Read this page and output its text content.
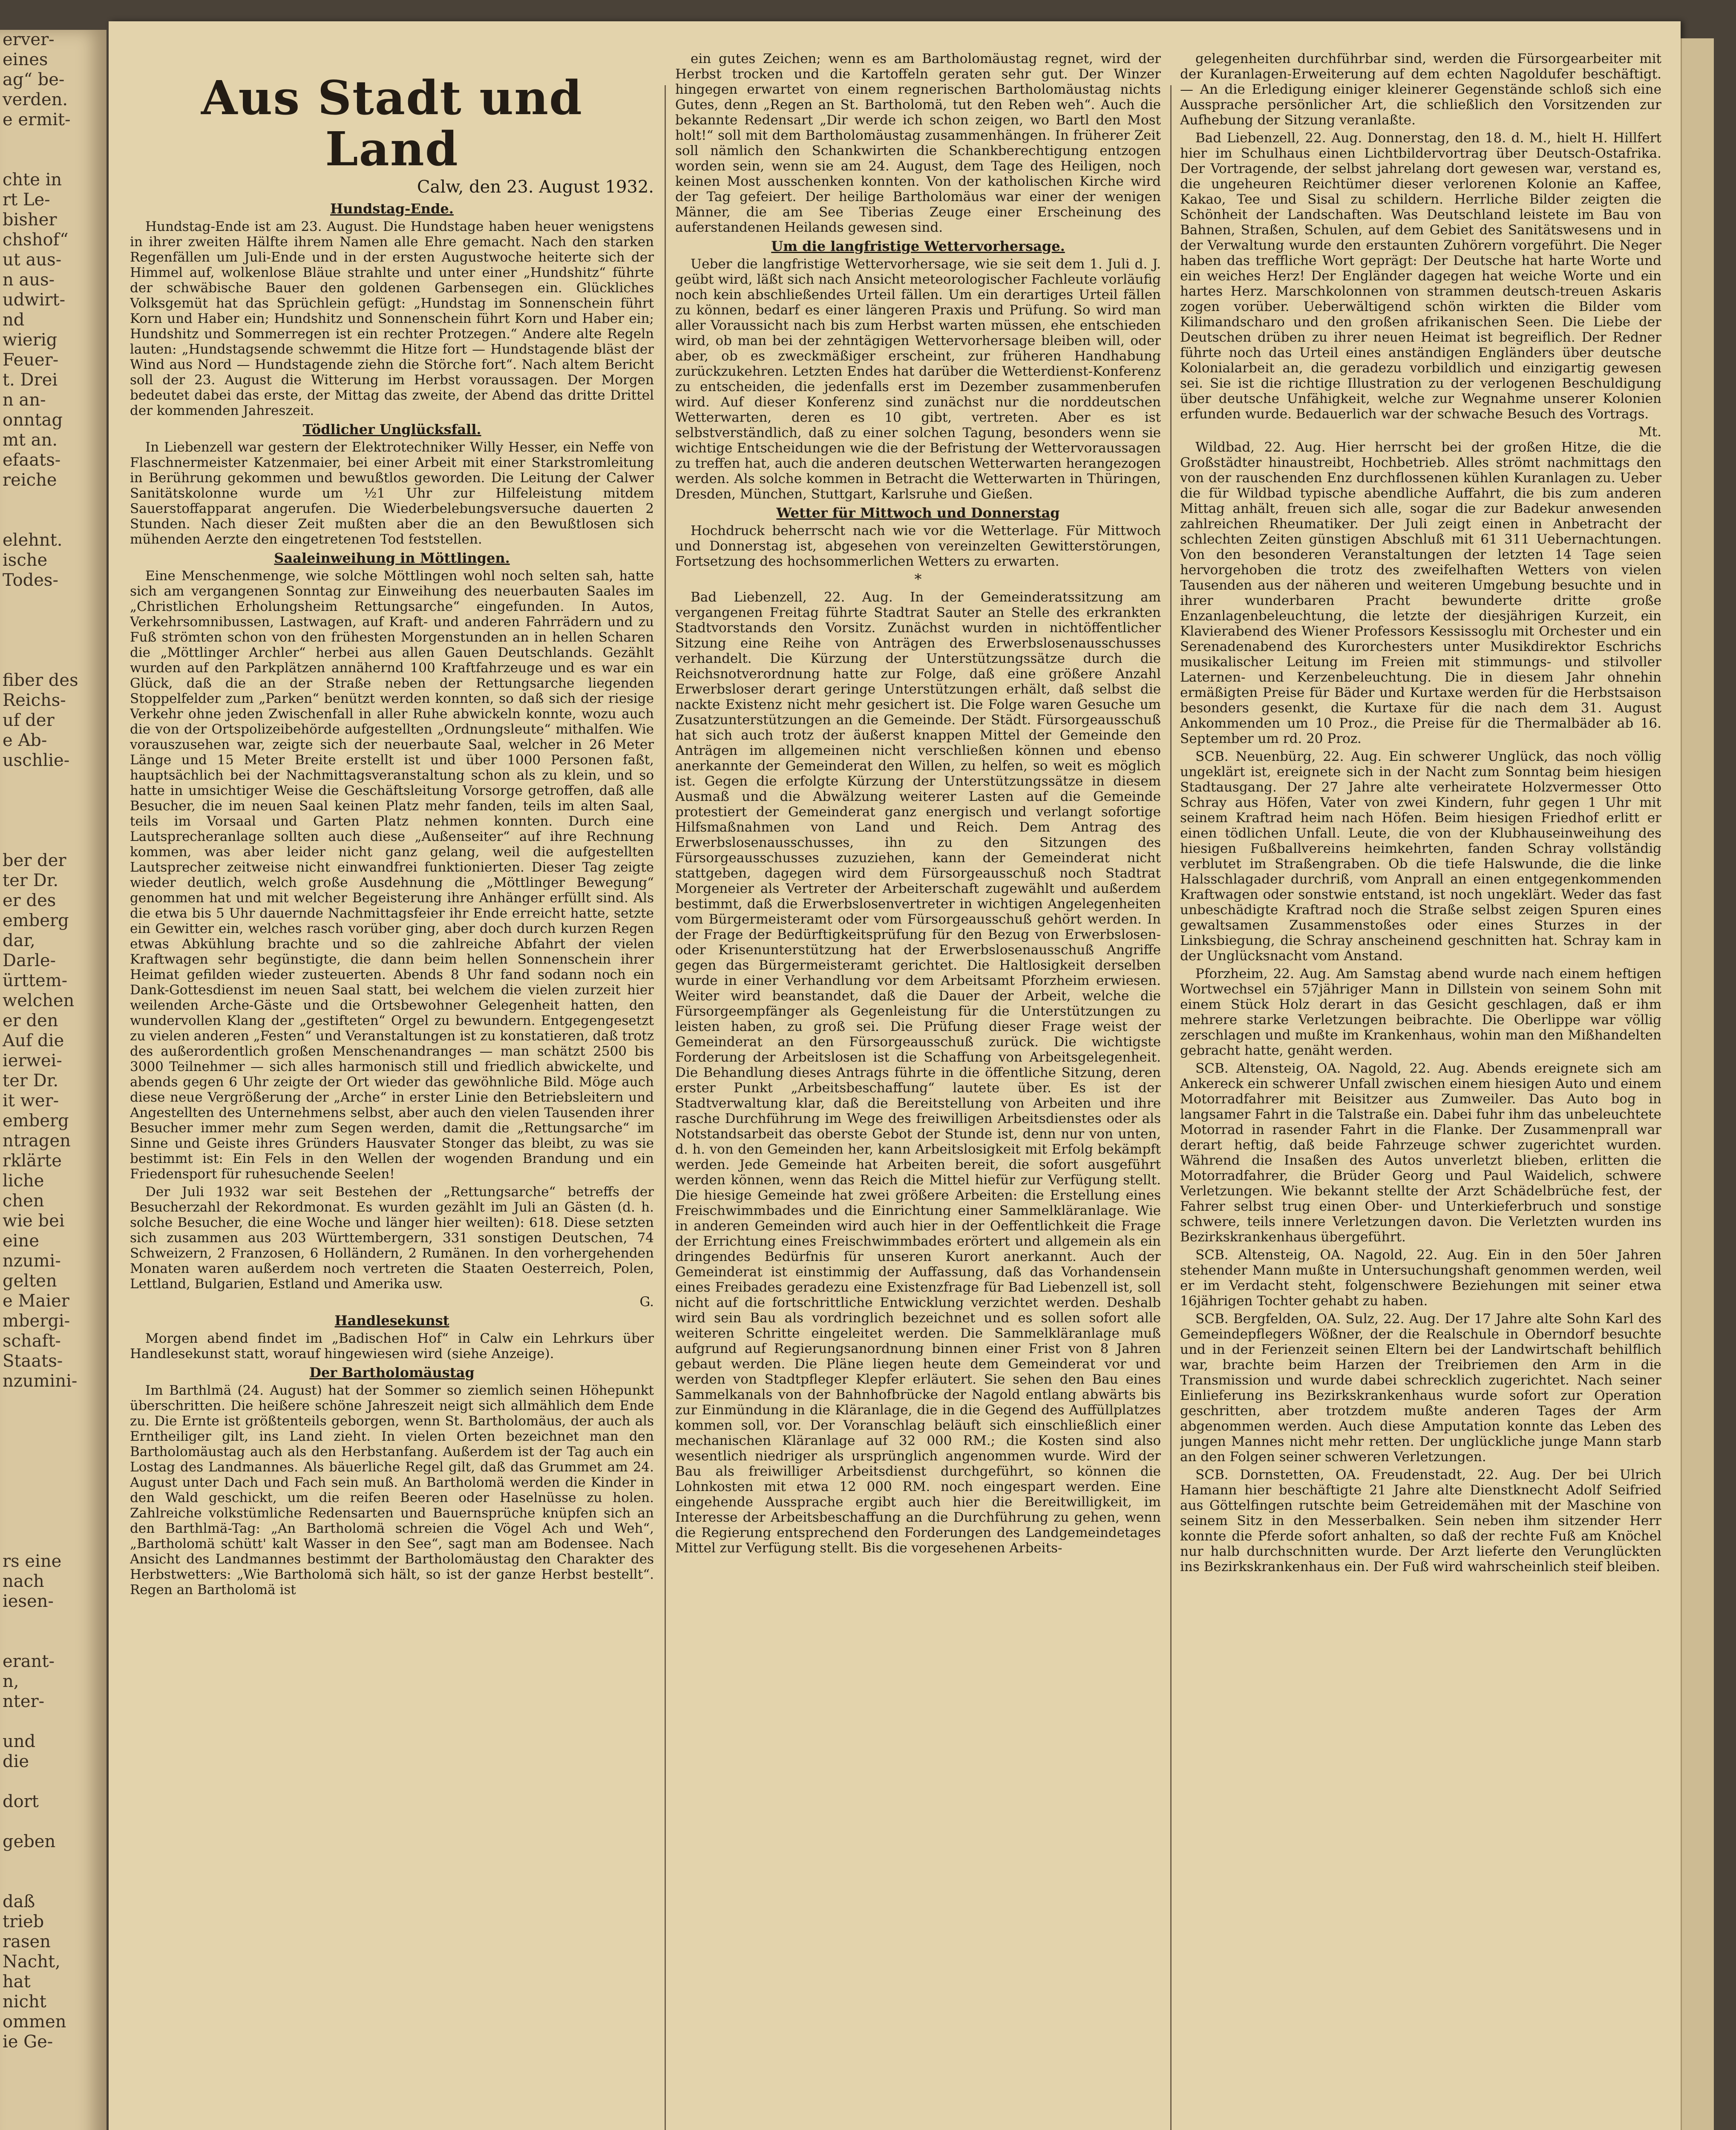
erver-
eines
ag“ be-
verden.
e ermit-

chte in
rt Le-
bisher
chshof“
ut aus-
n aus-
udwirt-
nd
wierig
Feuer-
t. Drei
n an-
onntag
mt an.
efaats-
reiche

elehnt.
ische
Todes-

fiber des
Reichs-
uf der
e Ab-
uschlie-

ber der
ter Dr.
er des
emberg
dar,
Darle-
ürttem-
welchen
er den
Auf die
ierwei-
ter Dr.
it wer-
emberg
ntragen
rklärte
liche
chen
wie bei
eine
nzumi-
gelten
e Maier
mbergi-
schaft-
Staats-
nzumini-

rs eine
nach
iesen-

erant-
n,
nter-

und
die

dort

geben

daß
trieb
rasen
Nacht,
hat
nicht
ommen
ie Ge-

Aus Stadt und Land
Calw, den 23. August 1932.
Hundstag-Ende.

Hundstag-Ende ist am 23. August. Die Hundstage haben heuer wenigstens in ihrer zweiten Hälfte ihrem Namen alle Ehre gemacht. Nach den starken Regenfällen um Juli-Ende und in der ersten Augustwoche heiterte sich der Himmel auf, wolkenlose Bläue strahlte und unter einer „Hundshitz“ führte der schwäbische Bauer den goldenen Garbensegen ein. Glückliches Volksgemüt hat das Sprüchlein gefügt: „Hundstag im Sonnenschein führt Korn und Haber ein; Hundshitz und Sonnenschein führt Korn und Haber ein; Hundshitz und Sommerregen ist ein rechter Protzegen.“ Andere alte Regeln lauten: „Hundstagsende schwemmt die Hitze fort — Hundstagende bläst der Wind aus Nord — Hundstagende ziehn die Störche fort“. Nach altem Bericht soll der 23. August die Witterung im Herbst voraussagen. Der Morgen bedeutet dabei das erste, der Mittag das zweite, der Abend das dritte Drittel der kommenden Jahreszeit.

Tödlicher Unglücksfall.

In Liebenzell war gestern der Elektrotechniker Willy Hesser, ein Neffe von Flaschnermeister Katzenmaier, bei einer Arbeit mit einer Starkstromleitung in Berührung gekommen und bewußtlos geworden. Die Leitung der Calwer Sanitätskolonne wurde um ½1 Uhr zur Hilfeleistung mitdem Sauerstoffapparat angerufen. Die Wiederbelebungsversuche dauerten 2 Stunden. Nach dieser Zeit mußten aber die an den Bewußtlosen sich mühenden Aerzte den eingetretenen Tod feststellen.

Saaleinweihung in Möttlingen.

Eine Menschenmenge, wie solche Möttlingen wohl noch selten sah, hatte sich am vergangenen Sonntag zur Einweihung des neuerbauten Saales im „Christlichen Erholungsheim Rettungsarche“ eingefunden. In Autos, Verkehrsomnibussen, Lastwagen, auf Kraft- und anderen Fahrrädern und zu Fuß strömten schon von den frühesten Morgenstunden an in hellen Scharen die „Möttlinger Archler“ herbei aus allen Gauen Deutschlands. Gezählt wurden auf den Parkplätzen annähernd 100 Kraftfahrzeuge und es war ein Glück, daß die an der Straße neben der Rettungsarche liegenden Stoppelfelder zum „Parken“ benützt werden konnten, so daß sich der riesige Verkehr ohne jeden Zwischenfall in aller Ruhe abwickeln konnte, wozu auch die von der Ortspolizeibehörde aufgestellten „Ordnungsleute“ mithalfen. Wie vorauszusehen war, zeigte sich der neuerbaute Saal, welcher in 26 Meter Länge und 15 Meter Breite erstellt ist und über 1000 Personen faßt, hauptsächlich bei der Nachmittagsveranstaltung schon als zu klein, und so hatte in umsichtiger Weise die Geschäftsleitung Vorsorge getroffen, daß alle Besucher, die im neuen Saal keinen Platz mehr fanden, teils im alten Saal, teils im Vorsaal und Garten Platz nehmen konnten. Durch eine Lautsprecheranlage sollten auch diese „Außenseiter“ auf ihre Rechnung kommen, was aber leider nicht ganz gelang, weil die aufgestellten Lautsprecher zeitweise nicht einwandfrei funktionierten. Dieser Tag zeigte wieder deutlich, welch große Ausdehnung die „Möttlinger Bewegung“ genommen hat und mit welcher Begeisterung ihre Anhänger erfüllt sind. Als die etwa bis 5 Uhr dauernde Nachmittagsfeier ihr Ende erreicht hatte, setzte ein Gewitter ein, welches rasch vorüber ging, aber doch durch kurzen Regen etwas Abkühlung brachte und so die zahlreiche Abfahrt der vielen Kraftwagen sehr begünstigte, die dann beim hellen Sonnenschein ihrer Heimat gefilden wieder zusteuerten. Abends 8 Uhr fand sodann noch ein Dank-Gottesdienst im neuen Saal statt, bei welchem die vielen zurzeit hier weilenden Arche-Gäste und die Ortsbewohner Gelegenheit hatten, den wundervollen Klang der „gestifteten“ Orgel zu bewundern. Entgegengesetzt zu vielen anderen „Festen“ und Veranstaltungen ist zu konstatieren, daß trotz des außerordentlich großen Menschenandranges — man schätzt 2500 bis 3000 Teilnehmer — sich alles harmonisch still und friedlich abwickelte, und abends gegen 6 Uhr zeigte der Ort wieder das gewöhnliche Bild. Möge auch diese neue Vergrößerung der „Arche“ in erster Linie den Betriebsleitern und Angestellten des Unternehmens selbst, aber auch den vielen Tausenden ihrer Besucher immer mehr zum Segen werden, damit die „Rettungsarche“ im Sinne und Geiste ihres Gründers Hausvater Stonger das bleibt, zu was sie bestimmt ist: Ein Fels in den Wellen der wogenden Brandung und ein Friedensport für ruhesuchende Seelen!

Der Juli 1932 war seit Bestehen der „Rettungsarche“ betreffs der Besucherzahl der Rekordmonat. Es wurden gezählt im Juli an Gästen (d. h. solche Besucher, die eine Woche und länger hier weilten): 618. Diese setzten sich zusammen aus 203 Württembergern, 331 sonstigen Deutschen, 74 Schweizern, 2 Franzosen, 6 Holländern, 2 Rumänen. In den vorhergehenden Monaten waren außerdem noch vertreten die Staaten Oesterreich, Polen, Lettland, Bulgarien, Estland und Amerika usw.

G.
Handlesekunst

Morgen abend findet im „Badischen Hof“ in Calw ein Lehrkurs über Handlesekunst statt, worauf hingewiesen wird (siehe Anzeige).

Der Bartholomäustag

Im Barthlmä (24. August) hat der Sommer so ziemlich seinen Höhepunkt überschritten. Die heißere schöne Jahreszeit neigt sich allmählich dem Ende zu. Die Ernte ist größtenteils geborgen, wenn St. Bartholomäus, der auch als Erntheiliger gilt, ins Land zieht. In vielen Orten bezeichnet man den Bartholomäustag auch als den Herbstanfang. Außerdem ist der Tag auch ein Lostag des Landmannes. Als bäuerliche Regel gilt, daß das Grummet am 24. August unter Dach und Fach sein muß. An Bartholomä werden die Kinder in den Wald geschickt, um die reifen Beeren oder Haselnüsse zu holen. Zahlreiche volkstümliche Redensarten und Bauernsprüche knüpfen sich an den Barthlmä-Tag: „An Bartholomä schreien die Vögel Ach und Weh“, „Bartholomä schütt' kalt Wasser in den See“, sagt man am Bodensee. Nach Ansicht des Landmannes bestimmt der Bartholomäustag den Charakter des Herbstwetters: „Wie Bartholomä sich hält, so ist der ganze Herbst bestellt“. Regen an Bartholomä ist

ein gutes Zeichen; wenn es am Bartholomäustag regnet, wird der Herbst trocken und die Kartoffeln geraten sehr gut. Der Winzer hingegen erwartet von einem regnerischen Bartholomäustag nichts Gutes, denn „Regen an St. Bartholomä, tut den Reben weh“. Auch die bekannte Redensart „Dir werde ich schon zeigen, wo Bartl den Most holt!“ soll mit dem Bartholomäustag zusammenhängen. In früherer Zeit soll nämlich den Schankwirten die Schankberechtigung entzogen worden sein, wenn sie am 24. August, dem Tage des Heiligen, noch keinen Most ausschenken konnten. Von der katholischen Kirche wird der Tag gefeiert. Der heilige Bartholomäus war einer der wenigen Männer, die am See Tiberias Zeuge einer Erscheinung des auferstandenen Heilands gewesen sind.

Um die langfristige Wettervorhersage.

Ueber die langfristige Wettervorhersage, wie sie seit dem 1. Juli d. J. geübt wird, läßt sich nach Ansicht meteorologischer Fachleute vorläufig noch kein abschließendes Urteil fällen. Um ein derartiges Urteil fällen zu können, bedarf es einer längeren Praxis und Prüfung. So wird man aller Voraussicht nach bis zum Herbst warten müssen, ehe entschieden wird, ob man bei der zehntägigen Wettervorhersage bleiben will, oder aber, ob es zweckmäßiger erscheint, zur früheren Handhabung zurückzukehren. Letzten Endes hat darüber die Wetterdienst-Konferenz zu entscheiden, die jedenfalls erst im Dezember zusammenberufen wird. Auf dieser Konferenz sind zunächst nur die norddeutschen Wetterwarten, deren es 10 gibt, vertreten. Aber es ist selbstverständlich, daß zu einer solchen Tagung, besonders wenn sie wichtige Entscheidungen wie die der Befristung der Wettervoraussagen zu treffen hat, auch die anderen deutschen Wetterwarten herangezogen werden. Als solche kommen in Betracht die Wetterwarten in Thüringen, Dresden, München, Stuttgart, Karlsruhe und Gießen.

Wetter für Mittwoch und Donnerstag

Hochdruck beherrscht nach wie vor die Wetterlage. Für Mittwoch und Donnerstag ist, abgesehen von vereinzelten Gewitterstörungen, Fortsetzung des hochsommerlichen Wetters zu erwarten.

*

Bad Liebenzell, 22. Aug. In der Gemeinderatssitzung am vergangenen Freitag führte Stadtrat Sauter an Stelle des erkrankten Stadtvorstands den Vorsitz. Zunächst wurden in nichtöffentlicher Sitzung eine Reihe von Anträgen des Erwerbslosenausschusses verhandelt. Die Kürzung der Unterstützungssätze durch die Reichsnotverordnung hatte zur Folge, daß eine größere Anzahl Erwerbsloser derart geringe Unterstützungen erhält, daß selbst die nackte Existenz nicht mehr gesichert ist. Die Folge waren Gesuche um Zusatzunterstützungen an die Gemeinde. Der Städt. Fürsorgeausschuß hat sich auch trotz der äußerst knappen Mittel der Gemeinde den Anträgen im allgemeinen nicht verschließen können und ebenso anerkannte der Gemeinderat den Willen, zu helfen, so weit es möglich ist. Gegen die erfolgte Kürzung der Unterstützungssätze in diesem Ausmaß und die Abwälzung weiterer Lasten auf die Gemeinde protestiert der Gemeinderat ganz energisch und verlangt sofortige Hilfsmaßnahmen von Land und Reich. Dem Antrag des Erwerbslosenausschusses, ihn zu den Sitzungen des Fürsorgeausschusses zuzuziehen, kann der Gemeinderat nicht stattgeben, dagegen wird dem Fürsorgeausschuß noch Stadtrat Morgeneier als Vertreter der Arbeiterschaft zugewählt und außerdem bestimmt, daß die Erwerbslosenvertreter in wichtigen Angelegenheiten vom Bürgermeisteramt oder vom Fürsorgeausschuß gehört werden. In der Frage der Bedürftigkeitsprüfung für den Bezug von Erwerbslosen- oder Krisenunterstützung hat der Erwerbslosenausschuß Angriffe gegen das Bürgermeisteramt gerichtet. Die Haltlosigkeit derselben wurde in einer Verhandlung vor dem Arbeitsamt Pforzheim erwiesen. Weiter wird beanstandet, daß die Dauer der Arbeit, welche die Fürsorgeempfänger als Gegenleistung für die Unterstützungen zu leisten haben, zu groß sei. Die Prüfung dieser Frage weist der Gemeinderat an den Fürsorgeausschuß zurück. Die wichtigste Forderung der Arbeitslosen ist die Schaffung von Arbeitsgelegenheit. Die Behandlung dieses Antrags führte in die öffentliche Sitzung, deren erster Punkt „Arbeitsbeschaffung“ lautete über. Es ist der Stadtverwaltung klar, daß die Bereitstellung von Arbeiten und ihre rasche Durchführung im Wege des freiwilligen Arbeitsdienstes oder als Notstandsarbeit das oberste Gebot der Stunde ist, denn nur von unten, d. h. von den Gemeinden her, kann Arbeitslosigkeit mit Erfolg bekämpft werden. Jede Gemeinde hat Arbeiten bereit, die sofort ausgeführt werden können, wenn das Reich die Mittel hiefür zur Verfügung stellt. Die hiesige Gemeinde hat zwei größere Arbeiten: die Erstellung eines Freischwimmbades und die Einrichtung einer Sammelkläranlage. Wie in anderen Gemeinden wird auch hier in der Oeffentlichkeit die Frage der Errichtung eines Freischwimmbades erörtert und allgemein als ein dringendes Bedürfnis für unseren Kurort anerkannt. Auch der Gemeinderat ist einstimmig der Auffassung, daß das Vorhandensein eines Freibades geradezu eine Existenzfrage für Bad Liebenzell ist, soll nicht auf die fortschrittliche Entwicklung verzichtet werden. Deshalb wird sein Bau als vordringlich bezeichnet und es sollen sofort alle weiteren Schritte eingeleitet werden. Die Sammelkläranlage muß aufgrund auf Regierungsanordnung binnen einer Frist von 8 Jahren gebaut werden. Die Pläne liegen heute dem Gemeinderat vor und werden von Stadtpfleger Klepfer erläutert. Sie sehen den Bau eines Sammelkanals von der Bahnhofbrücke der Nagold entlang abwärts bis zur Einmündung in die Kläranlage, die in die Gegend des Auffüllplatzes kommen soll, vor. Der Voranschlag beläuft sich einschließlich einer mechanischen Kläranlage auf 32 000 RM.; die Kosten sind also wesentlich niedriger als ursprünglich angenommen wurde. Wird der Bau als freiwilliger Arbeitsdienst durchgeführt, so können die Lohnkosten mit etwa 12 000 RM. noch eingespart werden. Eine eingehende Aussprache ergibt auch hier die Bereitwilligkeit, im Interesse der Arbeitsbeschaffung an die Durchführung zu gehen, wenn die Regierung entsprechend den Forderungen des Landgemeindetages Mittel zur Verfügung stellt. Bis die vorgesehenen Arbeits-

gelegenheiten durchführbar sind, werden die Fürsorgearbeiter mit der Kuranlagen-Erweiterung auf dem echten Nagoldufer beschäftigt. — An die Erledigung einiger kleinerer Gegenstände schloß sich eine Aussprache persönlicher Art, die schließlich den Vorsitzenden zur Aufhebung der Sitzung veranlaßte.

Bad Liebenzell, 22. Aug. Donnerstag, den 18. d. M., hielt H. Hillfert hier im Schulhaus einen Lichtbildervortrag über Deutsch-Ostafrika. Der Vortragende, der selbst jahrelang dort gewesen war, verstand es, die ungeheuren Reichtümer dieser verlorenen Kolonie an Kaffee, Kakao, Tee und Sisal zu schildern. Herrliche Bilder zeigten die Schönheit der Landschaften. Was Deutschland leistete im Bau von Bahnen, Straßen, Schulen, auf dem Gebiet des Sanitätswesens und in der Verwaltung wurde den erstaunten Zuhörern vorgeführt. Die Neger haben das treffliche Wort geprägt: Der Deutsche hat harte Worte und ein weiches Herz! Der Engländer dagegen hat weiche Worte und ein hartes Herz. Marschkolonnen von strammen deutsch-treuen Askaris zogen vorüber. Ueberwältigend schön wirkten die Bilder vom Kilimandscharo und den großen afrikanischen Seen. Die Liebe der Deutschen drüben zu ihrer neuen Heimat ist begreiflich. Der Redner führte noch das Urteil eines anständigen Engländers über deutsche Kolonialarbeit an, die geradezu vorbildlich und einzigartig gewesen sei. Sie ist die richtige Illustration zu der verlogenen Beschuldigung über deutsche Unfähigkeit, welche zur Wegnahme unserer Kolonien erfunden wurde. Bedauerlich war der schwache Besuch des Vortrags.

Mt.

Wildbad, 22. Aug. Hier herrscht bei der großen Hitze, die die Großstädter hinaustreibt, Hochbetrieb. Alles strömt nachmittags den von der rauschenden Enz durchflossenen kühlen Kuranlagen zu. Ueber die für Wildbad typische abendliche Auffahrt, die bis zum anderen Mittag anhält, freuen sich alle, sogar die zur Badekur anwesenden zahlreichen Rheumatiker. Der Juli zeigt einen in Anbetracht der schlechten Zeiten günstigen Abschluß mit 61 311 Uebernachtungen. Von den besonderen Veranstaltungen der letzten 14 Tage seien hervorgehoben die trotz des zweifelhaften Wetters von vielen Tausenden aus der näheren und weiteren Umgebung besuchte und in ihrer wunderbaren Pracht bewunderte dritte große Enzanlagenbeleuchtung, die letzte der diesjährigen Kurzeit, ein Klavierabend des Wiener Professors Kessissoglu mit Orchester und ein Serenadenabend des Kurorchesters unter Musikdirektor Eschrichs musikalischer Leitung im Freien mit stimmungs- und stilvoller Laternen- und Kerzenbeleuchtung. Die in diesem Jahr ohnehin ermäßigten Preise für Bäder und Kurtaxe werden für die Herbstsaison besonders gesenkt, die Kurtaxe für die nach dem 31. August Ankommenden um 10 Proz., die Preise für die Thermalbäder ab 16. September um rd. 20 Proz.

SCB. Neuenbürg, 22. Aug. Ein schwerer Unglück, das noch völlig ungeklärt ist, ereignete sich in der Nacht zum Sonntag beim hiesigen Stadtausgang. Der 27 Jahre alte verheiratete Holzvermesser Otto Schray aus Höfen, Vater von zwei Kindern, fuhr gegen 1 Uhr mit seinem Kraftrad heim nach Höfen. Beim hiesigen Friedhof erlitt er einen tödlichen Unfall. Leute, die von der Klubhauseinweihung des hiesigen Fußballvereins heimkehrten, fanden Schray vollständig verblutet im Straßengraben. Ob die tiefe Halswunde, die die linke Halsschlagader durchriß, vom Anprall an einen entgegenkommenden Kraftwagen oder sonstwie entstand, ist noch ungeklärt. Weder das fast unbeschädigte Kraftrad noch die Straße selbst zeigen Spuren eines gewaltsamen Zusammenstoßes oder eines Sturzes in der Linksbiegung, die Schray anscheinend geschnitten hat. Schray kam in der Unglücksnacht vom Anstand.

Pforzheim, 22. Aug. Am Samstag abend wurde nach einem heftigen Wortwechsel ein 57jähriger Mann in Dillstein von seinem Sohn mit einem Stück Holz derart in das Gesicht geschlagen, daß er ihm mehrere starke Verletzungen beibrachte. Die Oberlippe war völlig zerschlagen und mußte im Krankenhaus, wohin man den Mißhandelten gebracht hatte, genäht werden.

SCB. Altensteig, OA. Nagold, 22. Aug. Abends ereignete sich am Ankereck ein schwerer Unfall zwischen einem hiesigen Auto und einem Motorradfahrer mit Beisitzer aus Zumweiler. Das Auto bog in langsamer Fahrt in die Talstraße ein. Dabei fuhr ihm das unbeleuchtete Motorrad in rasender Fahrt in die Flanke. Der Zusammenprall war derart heftig, daß beide Fahrzeuge schwer zugerichtet wurden. Während die Insaßen des Autos unverletzt blieben, erlitten die Motorradfahrer, die Brüder Georg und Paul Waidelich, schwere Verletzungen. Wie bekannt stellte der Arzt Schädelbrüche fest, der Fahrer selbst trug einen Ober- und Unterkieferbruch und sonstige schwere, teils innere Verletzungen davon. Die Verletzten wurden ins Bezirkskrankenhaus übergeführt.

SCB. Altensteig, OA. Nagold, 22. Aug. Ein in den 50er Jahren stehender Mann mußte in Untersuchungshaft genommen werden, weil er im Verdacht steht, folgenschwere Beziehungen mit seiner etwa 16jährigen Tochter gehabt zu haben.

SCB. Bergfelden, OA. Sulz, 22. Aug. Der 17 Jahre alte Sohn Karl des Gemeindepflegers Wößner, der die Realschule in Oberndorf besuchte und in der Ferienzeit seinen Eltern bei der Landwirtschaft behilflich war, brachte beim Harzen der Treibriemen den Arm in die Transmission und wurde dabei schrecklich zugerichtet. Nach seiner Einlieferung ins Bezirkskrankenhaus wurde sofort zur Operation geschritten, aber trotzdem mußte anderen Tages der Arm abgenommen werden. Auch diese Amputation konnte das Leben des jungen Mannes nicht mehr retten. Der unglückliche junge Mann starb an den Folgen seiner schweren Verletzungen.

SCB. Dornstetten, OA. Freudenstadt, 22. Aug. Der bei Ulrich Hamann hier beschäftigte 21 Jahre alte Dienstknecht Adolf Seifried aus Göttelfingen rutschte beim Getreidemähen mit der Maschine von seinem Sitz in den Messerbalken. Sein neben ihm sitzender Herr konnte die Pferde sofort anhalten, so daß der rechte Fuß am Knöchel nur halb durchschnitten wurde. Der Arzt lieferte den Verunglückten ins Bezirkskrankenhaus ein. Der Fuß wird wahrscheinlich steif bleiben.
